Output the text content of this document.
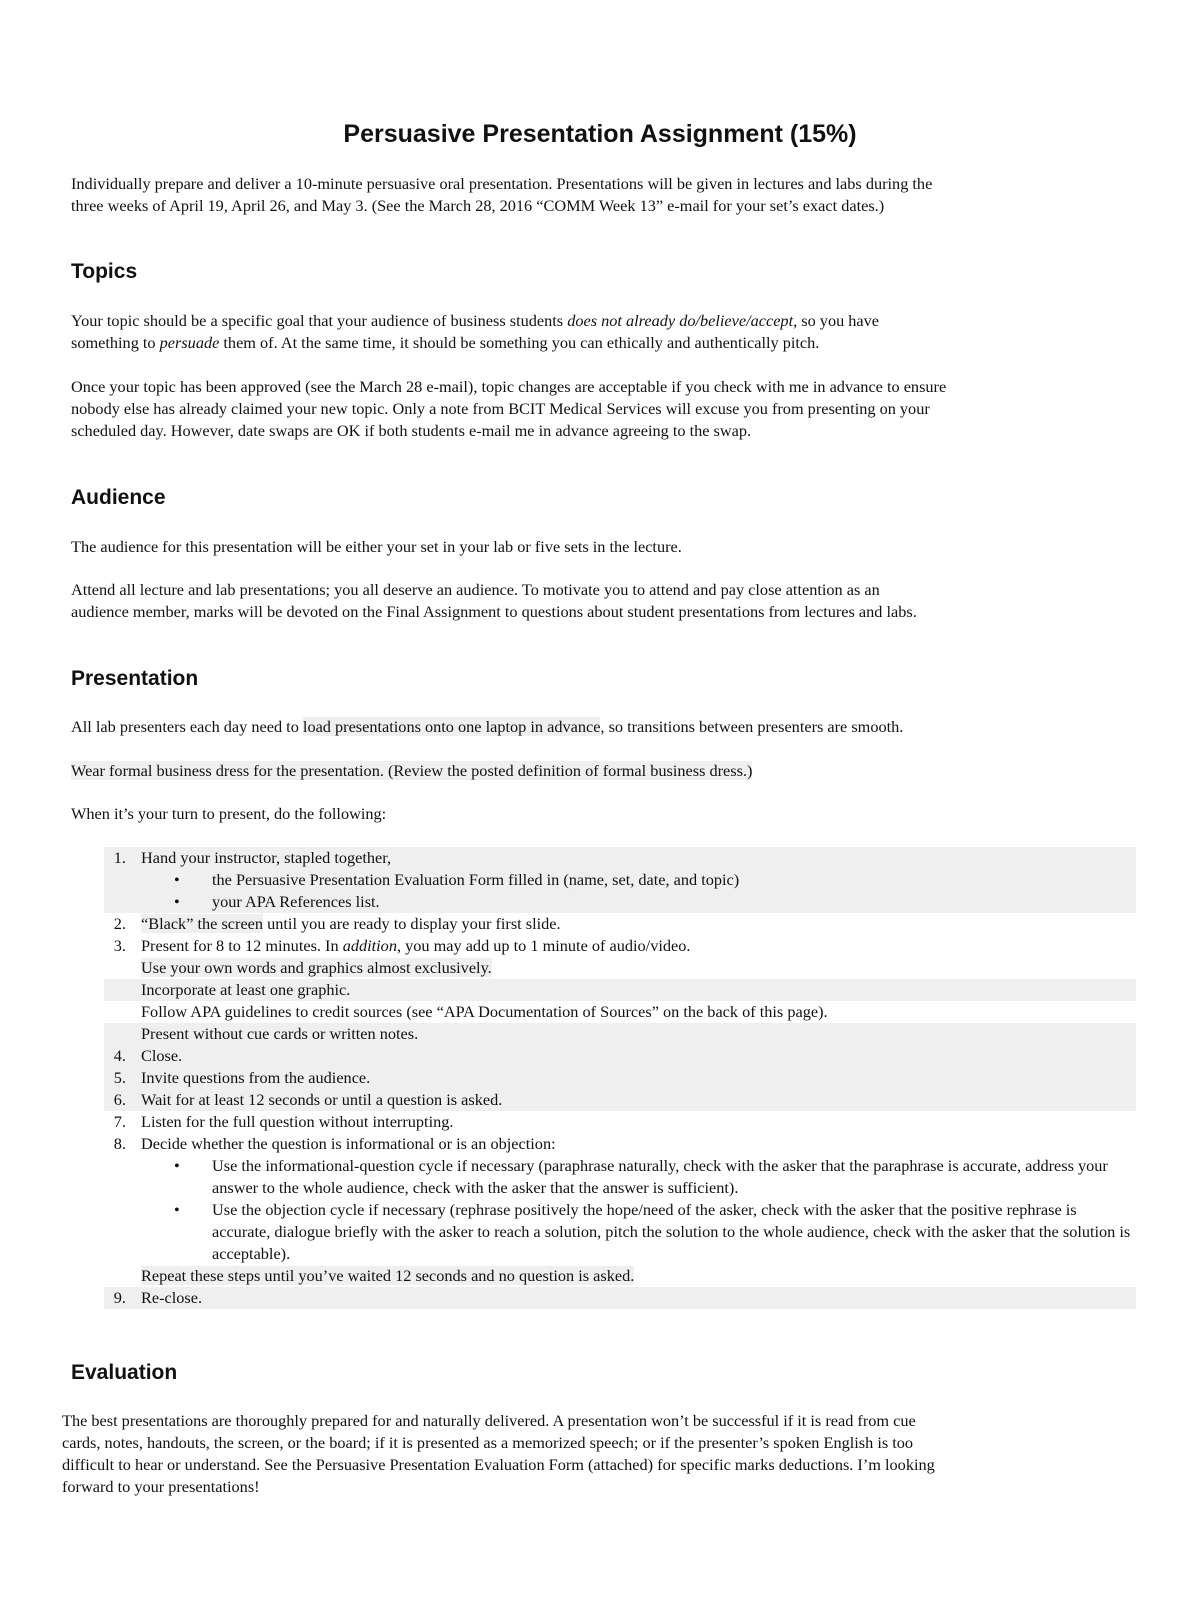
Persuasive Presentation Assignment (15%)
Individually prepare and deliver a 10-minute persuasive oral presentation. Presentations will be given in lectures and labs during the
three weeks of April 19, April 26, and May 3. (See the March 28, 2016 “COMM Week 13” e-mail for your set’s exact dates.)
Topics
Your topic should be a specific goal that your audience of business students does not already do/believe/accept, so you have
something to persuade them of. At the same time, it should be something you can ethically and authentically pitch.
Once your topic has been approved (see the March 28 e-mail), topic changes are acceptable if you check with me in advance to ensure
nobody else has already claimed your new topic. Only a note from BCIT Medical Services will excuse you from presenting on your
scheduled day. However, date swaps are OK if both students e-mail me in advance agreeing to the swap.
Audience
The audience for this presentation will be either your set in your lab or five sets in the lecture.
Attend all lecture and lab presentations; you all deserve an audience. To motivate you to attend and pay close attention as an
audience member, marks will be devoted on the Final Assignment to questions about student presentations from lectures and labs.
Presentation
All lab presenters each day need to load presentations onto one laptop in advance, so transitions between presenters are smooth.
Wear formal business dress for the presentation. (Review the posted definition of formal business dress.)
When it’s your turn to present, do the following:
1. Hand your instructor, stapled together,
• the Persuasive Presentation Evaluation Form filled in (name, set, date, and topic)
• your APA References list.
2. “Black” the screen until you are ready to display your first slide.
3. Present for 8 to 12 minutes. In addition, you may add up to 1 minute of audio/video.
Use your own words and graphics almost exclusively.
Incorporate at least one graphic.
Follow APA guidelines to credit sources (see “APA Documentation of Sources” on the back of this page).
Present without cue cards or written notes.
4. Close.
5. Invite questions from the audience.
6. Wait for at least 12 seconds or until a question is asked.
7. Listen for the full question without interrupting.
8. Decide whether the question is informational or is an objection:
• Use the informational-question cycle if necessary (paraphrase naturally, check with the asker that the paraphrase is accurate, address your answer to the whole audience, check with the asker that the answer is sufficient).
• Use the objection cycle if necessary (rephrase positively the hope/need of the asker, check with the asker that the positive rephrase is accurate, dialogue briefly with the asker to reach a solution, pitch the solution to the whole audience, check with the asker that the solution is acceptable).
Repeat these steps until you’ve waited 12 seconds and no question is asked.
9. Re-close.
Evaluation
The best presentations are thoroughly prepared for and naturally delivered. A presentation won’t be successful if it is read from cue
cards, notes, handouts, the screen, or the board; if it is presented as a memorized speech; or if the presenter’s spoken English is too
difficult to hear or understand. See the Persuasive Presentation Evaluation Form (attached) for specific marks deductions. I’m looking
forward to your presentations!
